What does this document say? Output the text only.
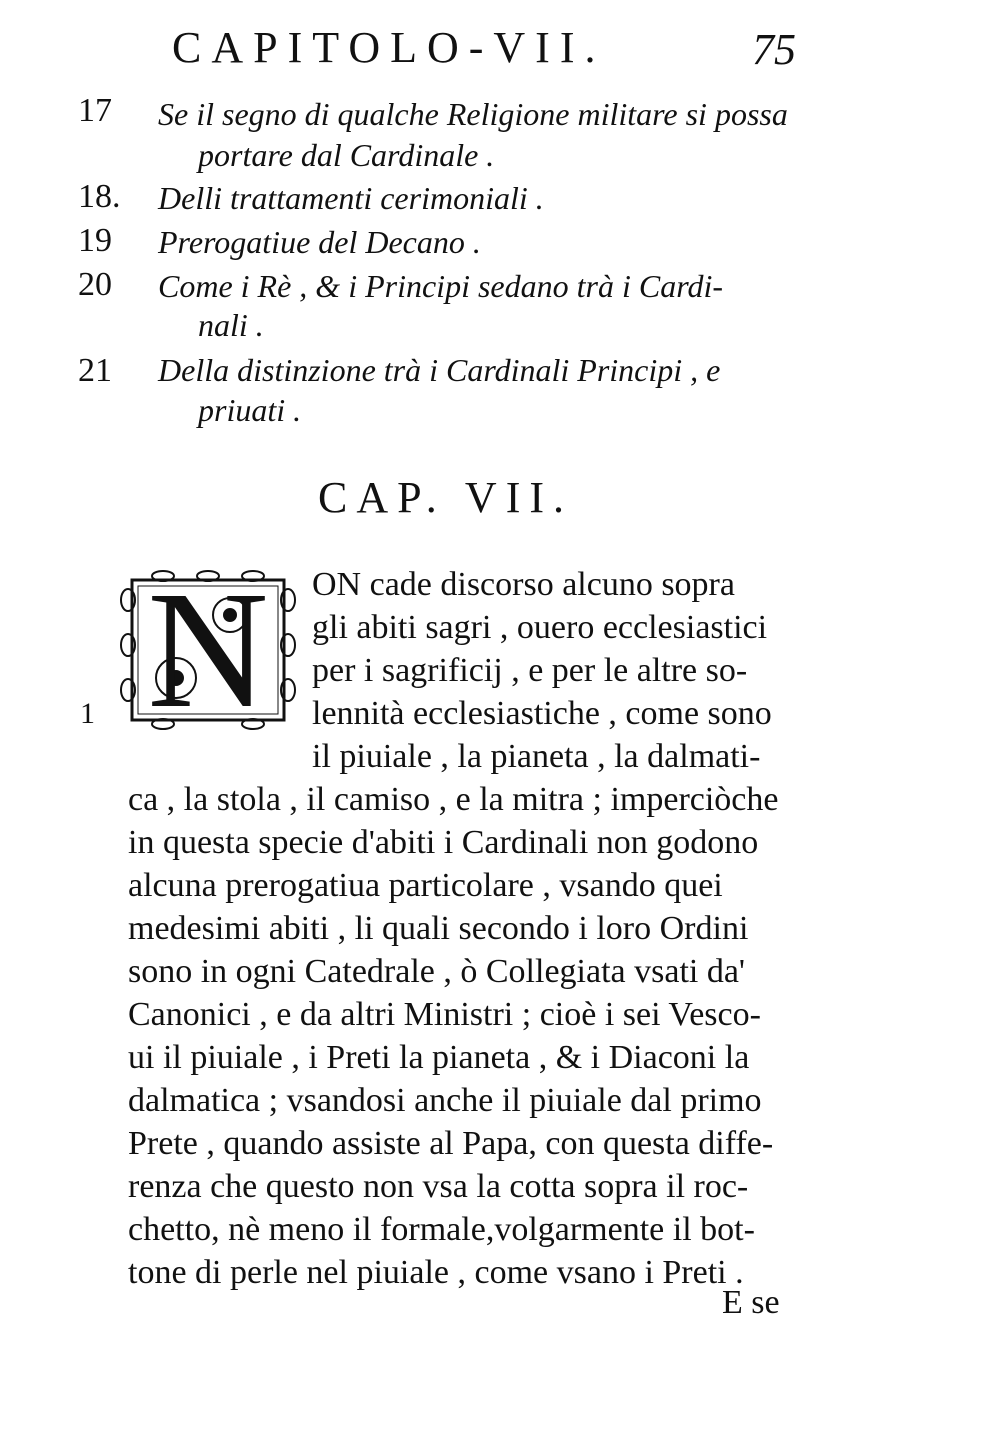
CAPITOLO-VII.	75
17 Se il segno di qualche Religione militare si possa
portare dal Cardinale .
18. Delli trattamenti cerimoniali .
19 Prerogatiue del Decano .
20 Come i Rè , & i Principi sedano trà i Cardi-
nali .
21 Della distinzione trà i Cardinali Principi , e
priuati .
CAP. VII.
N
1
ON cade discorso alcuno sopra
gli abiti sagri , ouero ecclesiastici
per i sagrificij , e per le altre so-
lennità ecclesiastiche , come sono
il piuiale , la pianeta , la dalmati-
ca , la stola , il camiso , e la mitra ; imperciòche
in questa specie d'abiti i Cardinali non godono
alcuna prerogatiua particolare , vsando quei
medesimi abiti , li quali secondo i loro Ordini
sono in ogni Catedrale , ò Collegiata vsati da'
Canonici , e da altri Ministri ; cioè i sei Vesco-
ui il piuiale , i Preti la pianeta , & i Diaconi la
dalmatica ; vsandosi anche il piuiale dal primo
Prete , quando assiste al Papa, con questa diffe-
renza che questo non vsa la cotta sopra il roc-
chetto, nè meno il formale,volgarmente il bot-
tone di perle nel piuiale , come vsano i Preti .
E se
